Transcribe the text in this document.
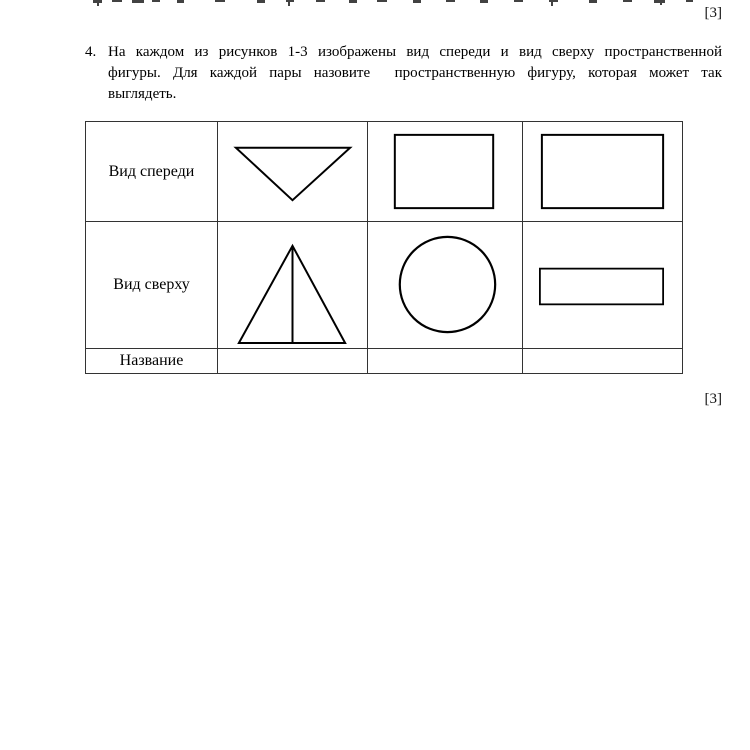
[3]
4. На каждом из рисунков 1-3 изображены вид спереди и вид сверху пространственной
фигуры. Для каждой пары назовите  пространственную фигуру, которая может так
выглядеть.
Вид спереди
Вид сверху
Название
[3]
